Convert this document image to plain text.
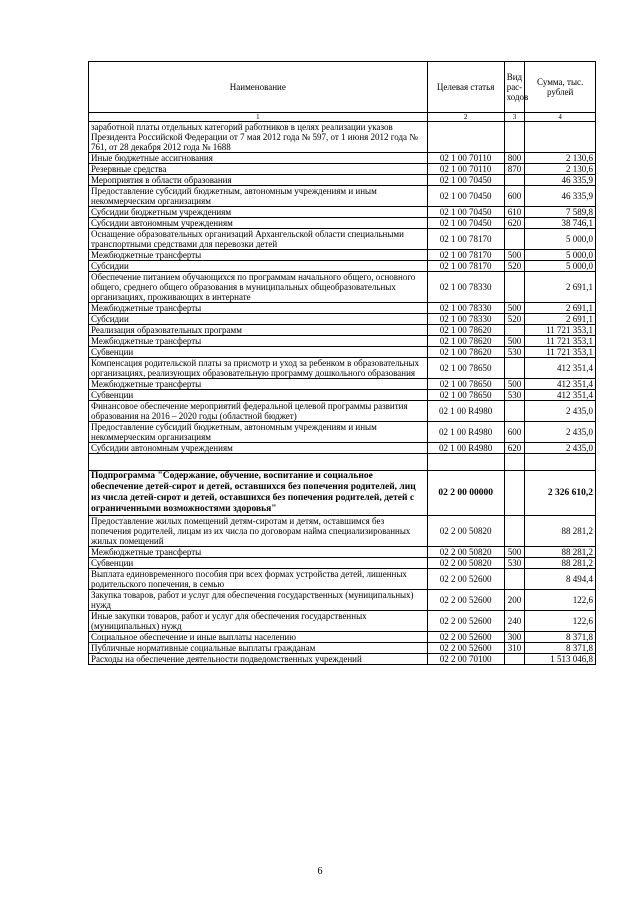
Наименование	Целевая статья	Вид рас-ходов	Сумма, тыс. рублей
1	2	3	4
заработной платы отдельных категорий работников в целях реализации указов Президента Российской Федерации от 7 мая 2012 года № 597, от 1 июня 2012 года № 761, от 28 декабря 2012 года № 1688			
Иные бюджетные ассигнования	02 1 00 70110	800	2 130,6
Резервные средства	02 1 00 70110	870	2 130,6
Мероприятия в области образования	02 1 00 70450		46 335,9
Предоставление субсидий бюджетным, автономным учреждениям и иным некоммерческим организациям	02 1 00 70450	600	46 335,9
Субсидии бюджетным учреждениям	02 1 00 70450	610	7 589,8
Субсидии автономным учреждениям	02 1 00 70450	620	38 746,1
Оснащение образовательных организаций Архангельской области специальными транспортными средствами для перевозки детей	02 1 00 78170		5 000,0
Межбюджетные трансферты	02 1 00 78170	500	5 000,0
Субсидии	02 1 00 78170	520	5 000,0
Обеспечение питанием обучающихся по программам начального общего, основного общего, среднего общего образования в муниципальных общеобразовательных организациях, проживающих в интернате	02 1 00 78330		2 691,1
Межбюджетные трансферты	02 1 00 78330	500	2 691,1
Субсидии	02 1 00 78330	520	2 691,1
Реализация образовательных программ	02 1 00 78620		11 721 353,1
Межбюджетные трансферты	02 1 00 78620	500	11 721 353,1
Субвенции	02 1 00 78620	530	11 721 353,1
Компенсация родительской платы за присмотр и уход за ребенком в образовательных организациях, реализующих образовательную программу дошкольного образования	02 1 00 78650		412 351,4
Межбюджетные трансферты	02 1 00 78650	500	412 351,4
Субвенции	02 1 00 78650	530	412 351,4
Финансовое обеспечение мероприятий федеральной целевой программы развития образования на 2016 – 2020 годы (областной бюджет)	02 1 00 R4980		2 435,0
Предоставление субсидий бюджетным, автономным учреждениям и иным некоммерческим организациям	02 1 00 R4980	600	2 435,0
Субсидии автономным учреждениям	02 1 00 R4980	620	2 435,0

Подпрограмма "Содержание, обучение, воспитание и социальное обеспечение детей-сирот и детей, оставшихся без попечения родителей, лиц из числа детей-сирот и детей, оставшихся без попечения родителей, детей с ограниченными возможностями здоровья"	02 2 00 00000		2 326 610,2
Предоставление жилых помещений детям-сиротам и детям, оставшимся без попечения родителей, лицам из их числа по договорам найма специализированных жилых помещений	02 2 00 50820		88 281,2
Межбюджетные трансферты	02 2 00 50820	500	88 281,2
Субвенции	02 2 00 50820	530	88 281,2
Выплата единовременного пособия при всех формах устройства детей, лишенных родительского попечения, в семью	02 2 00 52600		8 494,4
Закупка товаров, работ и услуг для обеспечения государственных (муниципальных) нужд	02 2 00 52600	200	122,6
Иные закупки товаров, работ и услуг для обеспечения государственных (муниципальных) нужд	02 2 00 52600	240	122,6
Социальное обеспечение и иные выплаты населению	02 2 00 52600	300	8 371,8
Публичные нормативные социальные выплаты гражданам	02 2 00 52600	310	8 371,8
Расходы на обеспечение деятельности подведомственных учреждений	02 2 00 70100		1 513 046,8
6
